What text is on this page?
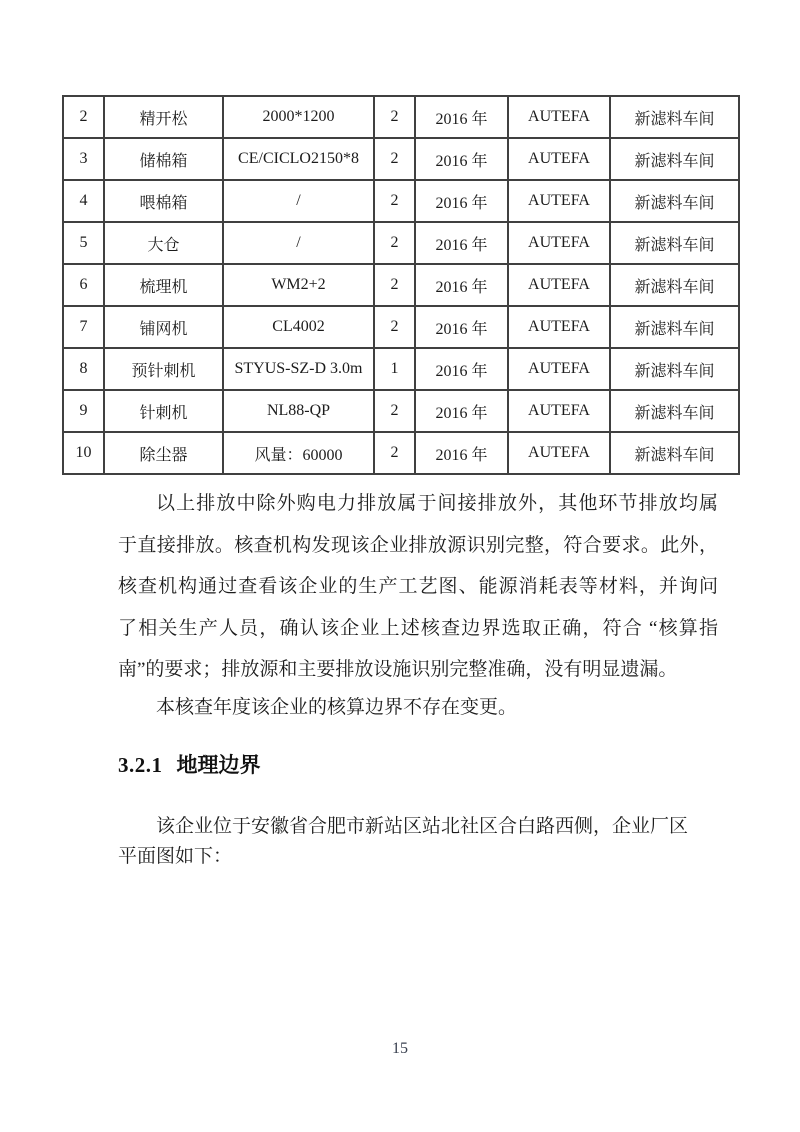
2	精开松	2000*1200	2	2016 年	AUTEFA	新滤料车间
3	储棉箱	CE/CICLO2150*8	2	2016 年	AUTEFA	新滤料车间
4	喂棉箱	/	2	2016 年	AUTEFA	新滤料车间
5	大仓	/	2	2016 年	AUTEFA	新滤料车间
6	梳理机	WM2+2	2	2016 年	AUTEFA	新滤料车间
7	铺网机	CL4002	2	2016 年	AUTEFA	新滤料车间
8	预针刺机	STYUS-SZ-D 3.0m	1	2016 年	AUTEFA	新滤料车间
9	针刺机	NL88-QP	2	2016 年	AUTEFA	新滤料车间
10	除尘器	风量：60000	2	2016 年	AUTEFA	新滤料车间
以上排放中除外购电力排放属于间接排放外，其他环节排放均属
于直接排放。核查机构发现该企业排放源识别完整，符合要求。此外，
核查机构通过查看该企业的生产工艺图、能源消耗表等材料，并询问
了相关生产人员，确认该企业上述核查边界选取正确，符合 “核算指
南”的要求；排放源和主要排放设施识别完整准确，没有明显遗漏。
本核查年度该企业的核算边界不存在变更。
3.2.1 地理边界
该企业位于安徽省合肥市新站区站北社区合白路西侧，企业厂区
平面图如下：
15
